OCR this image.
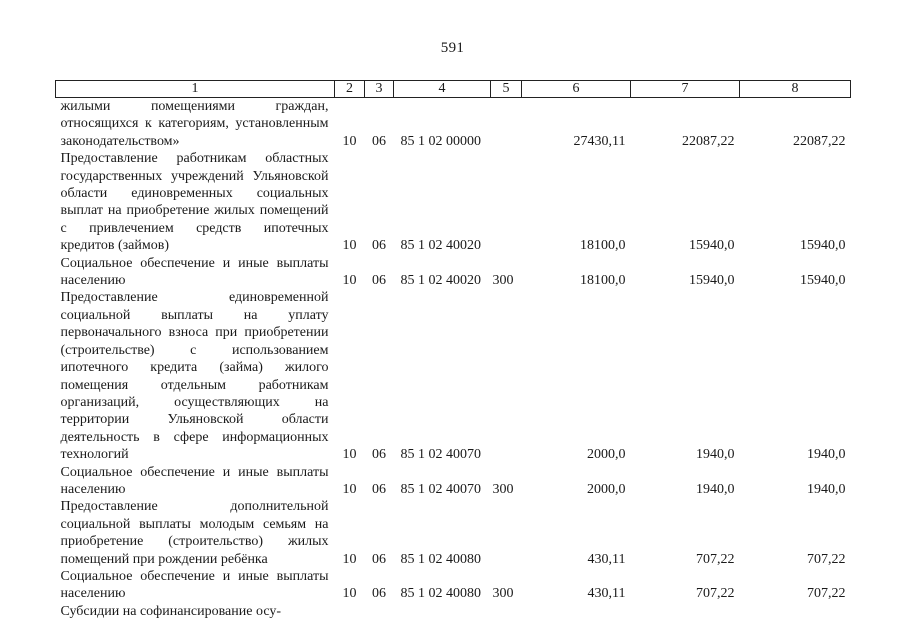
591
1	2	3	4	5	6	7	8
жилыми помещениями граждан, относящихся к категориям, установленным законодательством»	10	06	85 1 02 00000		27430,11	22087,22	22087,22
Предоставление работникам областных государственных учреждений Ульяновской области единовременных социальных выплат на приобретение жилых помещений с привлечением средств ипотечных кредитов (займов)	10	06	85 1 02 40020		18100,0	15940,0	15940,0
Социальное обеспечение и иные выплаты населению	10	06	85 1 02 40020	300	18100,0	15940,0	15940,0
Предоставление единовременной социальной выплаты на уплату первоначального взноса при приобретении (строительстве) с использованием ипотечного кредита (займа) жилого помещения отдельным работникам организаций, осуществляющих на территории Ульяновской области деятельность в сфере информационных технологий	10	06	85 1 02 40070		2000,0	1940,0	1940,0
Социальное обеспечение и иные выплаты населению	10	06	85 1 02 40070	300	2000,0	1940,0	1940,0
Предоставление дополнительной социальной выплаты молодым семьям на приобретение (строительство) жилых помещений при рождении ребёнка	10	06	85 1 02 40080		430,11	707,22	707,22
Социальное обеспечение и иные выплаты населению	10	06	85 1 02 40080	300	430,11	707,22	707,22
Субсидии на софинансирование осу-							
